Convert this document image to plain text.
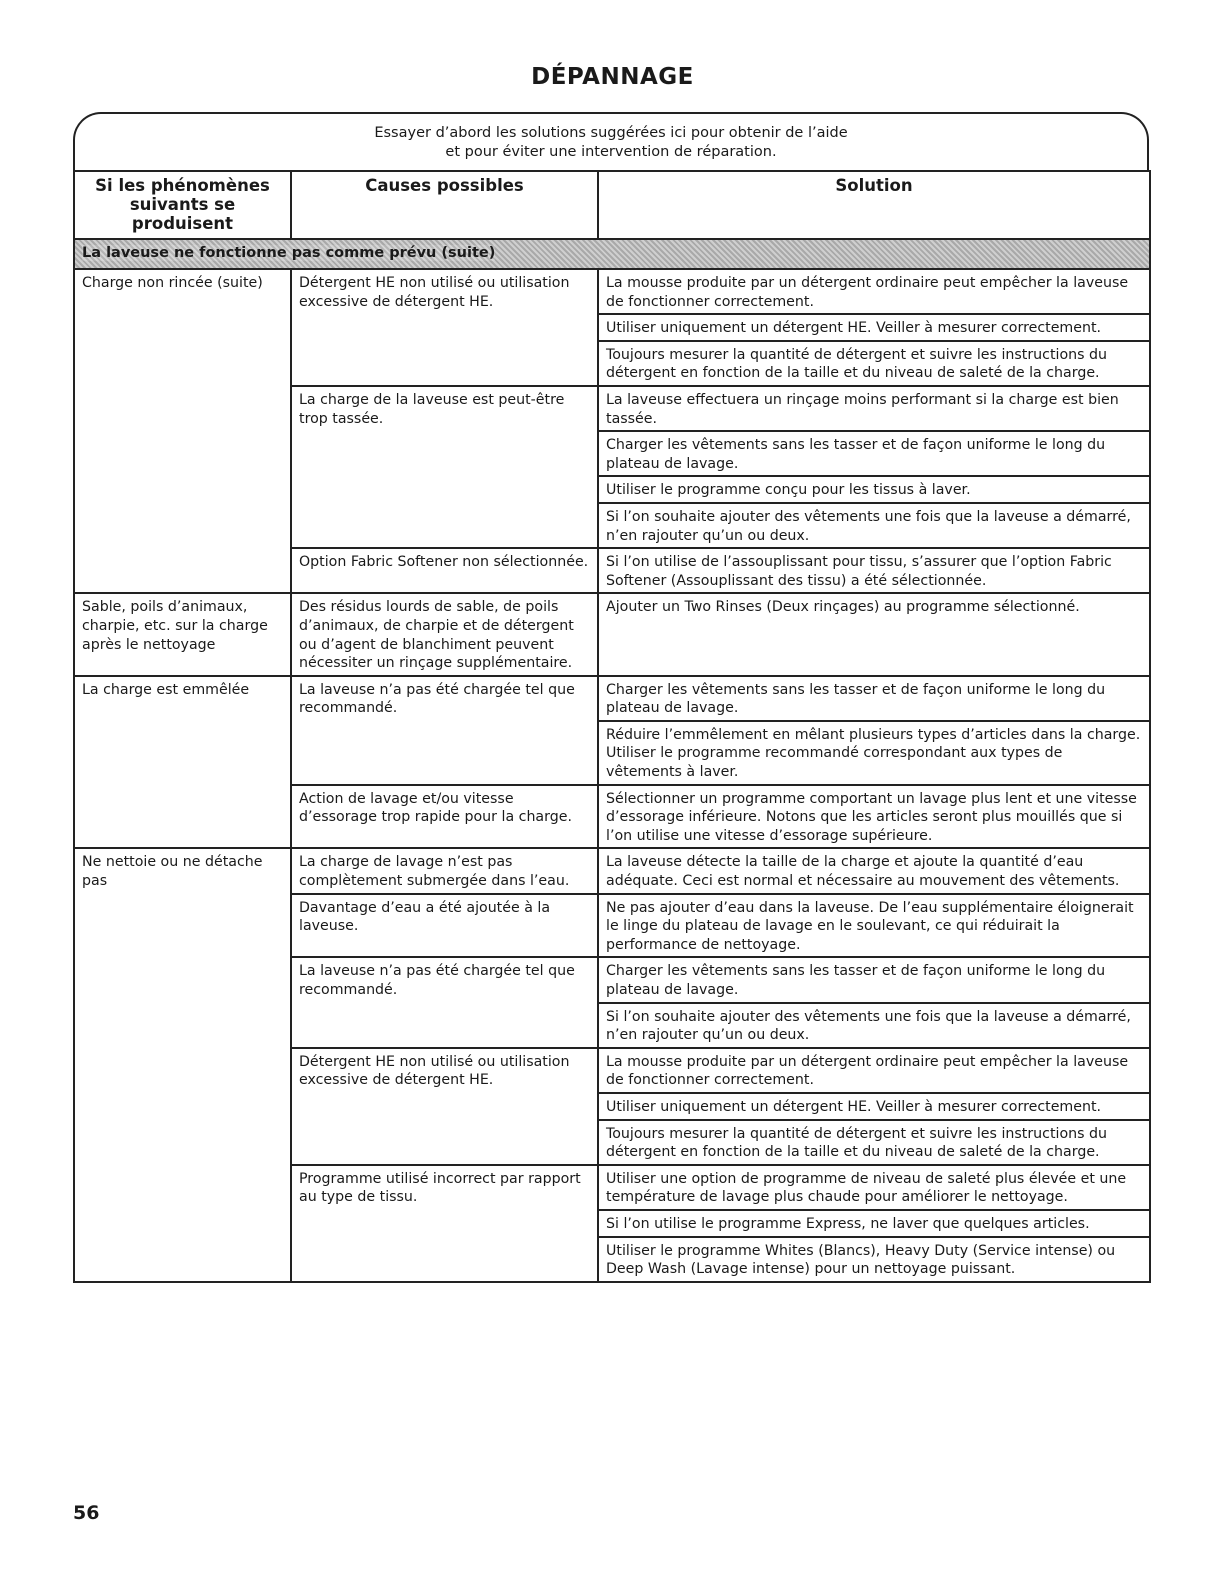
DÉPANNAGE
Essayer d’abord les solutions suggérées ici pour obtenir de l’aide
et pour éviter une intervention de réparation.
Si les phénomènes
suivants se produisent	Causes possibles	Solution
La laveuse ne fonctionne pas comme prévu (suite)		
Charge non rincée (suite)	Détergent HE non utilisé ou utilisation excessive de détergent HE.	La mousse produite par un détergent ordinaire peut empêcher la laveuse de fonctionner correctement.
		Utiliser uniquement un détergent HE. Veiller à mesurer correctement.
		Toujours mesurer la quantité de détergent et suivre les instructions du détergent en fonction de la taille et du niveau de saleté de la charge.
	La charge de la laveuse est peut-être trop tassée.	La laveuse effectuera un rinçage moins performant si la charge est bien tassée.
		Charger les vêtements sans les tasser et de façon uniforme le long du plateau de lavage.
		Utiliser le programme conçu pour les tissus à laver.
		Si l’on souhaite ajouter des vêtements une fois que la laveuse a démarré, n’en rajouter qu’un ou deux.
	Option Fabric Softener non sélectionnée.	Si l’on utilise de l’assouplissant pour tissu, s’assurer que l’option Fabric Softener (Assouplissant des tissu) a été sélectionnée.
Sable, poils d’animaux, charpie, etc. sur la charge après le nettoyage	Des résidus lourds de sable, de poils d’animaux, de charpie et de détergent ou d’agent de blanchiment peuvent nécessiter un rinçage supplémentaire.	Ajouter un Two Rinses (Deux rinçages) au programme sélectionné.
La charge est emmêlée	La laveuse n’a pas été chargée tel que recommandé.	Charger les vêtements sans les tasser et de façon uniforme le long du plateau de lavage.
		Réduire l’emmêlement en mêlant plusieurs types d’articles dans la charge. Utiliser le programme recommandé correspondant aux types de vêtements à laver.
	Action de lavage et/ou vitesse d’essorage trop rapide pour la charge.	Sélectionner un programme comportant un lavage plus lent et une vitesse d’essorage inférieure. Notons que les articles seront plus mouillés que si l’on utilise une vitesse d’essorage supérieure.
Ne nettoie ou ne détache pas	La charge de lavage n’est pas complètement submergée dans l’eau.	La laveuse détecte la taille de la charge et ajoute la quantité d’eau adéquate. Ceci est normal et nécessaire au mouvement des vêtements.
	Davantage d’eau a été ajoutée à la laveuse.	Ne pas ajouter d’eau dans la laveuse. De l’eau supplémentaire éloignerait le linge du plateau de lavage en le soulevant, ce qui réduirait la performance de nettoyage.
	La laveuse n’a pas été chargée tel que recommandé.	Charger les vêtements sans les tasser et de façon uniforme le long du plateau de lavage.
		Si l’on souhaite ajouter des vêtements une fois que la laveuse a démarré, n’en rajouter qu’un ou deux.
	Détergent HE non utilisé ou utilisation excessive de détergent HE.	La mousse produite par un détergent ordinaire peut empêcher la laveuse de fonctionner correctement.
		Utiliser uniquement un détergent HE. Veiller à mesurer correctement.
		Toujours mesurer la quantité de détergent et suivre les instructions du détergent en fonction de la taille et du niveau de saleté de la charge.
	Programme utilisé incorrect par rapport au type de tissu.	Utiliser une option de programme de niveau de saleté plus élevée et une température de lavage plus chaude pour améliorer le nettoyage.
		Si l’on utilise le programme Express, ne laver que quelques articles.
		Utiliser le programme Whites (Blancs), Heavy Duty (Service intense) ou Deep Wash (Lavage intense) pour un nettoyage puissant.
56
